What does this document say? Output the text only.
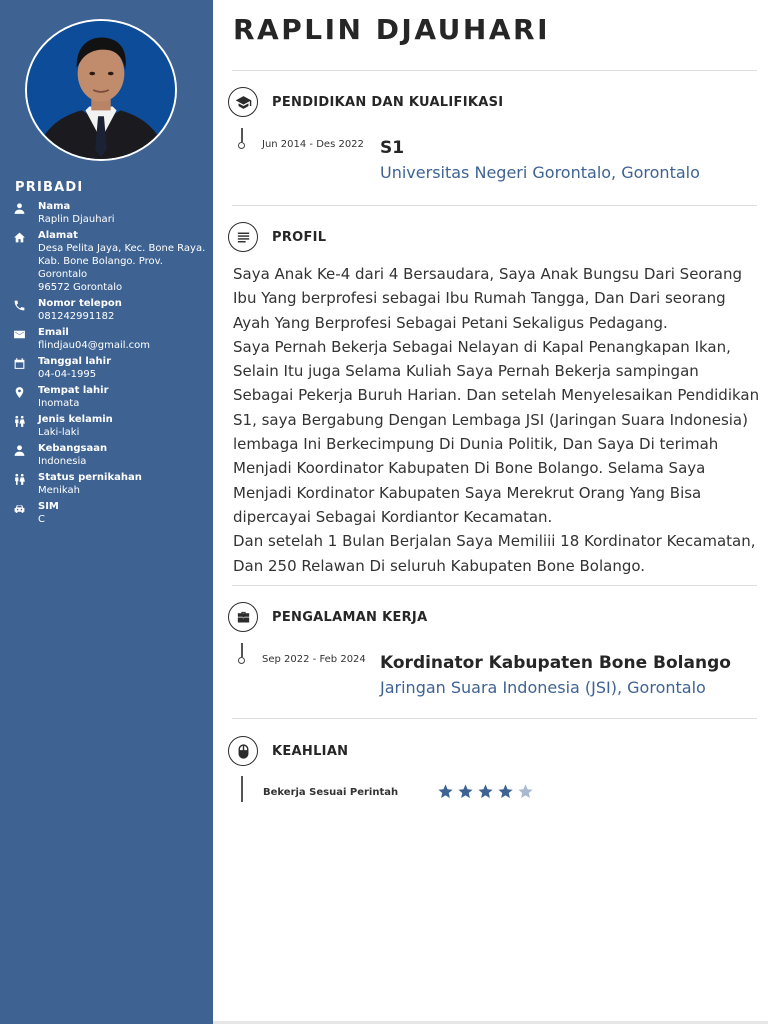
PRIBADI
Nama
Raplin Djauhari
Alamat
Desa Pelita Jaya, Kec. Bone Raya.
Kab. Bone Bolango. Prov.
Gorontalo
96572 Gorontalo
Nomor telepon
081242991182
Email
flindjau04@gmail.com
Tanggal lahir
04-04-1995
Tempat lahir
Inomata
Jenis kelamin
Laki-laki
Kebangsaan
Indonesia
Status pernikahan
Menikah
SIM
C
RAPLIN DJAUHARI
PENDIDIKAN DAN KUALIFIKASI
Jun 2014 - Des 2022 S1
Universitas Negeri Gorontalo, Gorontalo
PROFIL

Saya Anak Ke-4 dari 4 Bersaudara, Saya Anak Bungsu Dari Seorang Ibu Yang berprofesi sebagai Ibu Rumah Tangga, Dan Dari seorang Ayah Yang Berprofesi Sebagai Petani Sekaligus Pedagang.

Saya Pernah Bekerja Sebagai Nelayan di Kapal Penangkapan Ikan, Selain Itu juga Selama Kuliah Saya Pernah Bekerja sampingan Sebagai Pekerja Buruh Harian. Dan setelah Menyelesaikan Pendidikan S1, saya Bergabung Dengan Lembaga JSI (Jaringan Suara Indonesia) lembaga Ini Berkecimpung Di Dunia Politik, Dan Saya Di terimah Menjadi Koordinator Kabupaten Di Bone Bolango. Selama Saya Menjadi Kordinator Kabupaten Saya Merekrut Orang Yang Bisa dipercayai Sebagai Kordiantor Kecamatan.

Dan setelah 1 Bulan Berjalan Saya Memiliii 18 Kordinator Kecamatan, Dan 250 Relawan Di seluruh Kabupaten Bone Bolango.

PENGALAMAN KERJA
Sep 2022 - Feb 2024 Kordinator Kabupaten Bone Bolango
Jaringan Suara Indonesia (JSI), Gorontalo
KEAHLIAN
Bekerja Sesuai Perintah
